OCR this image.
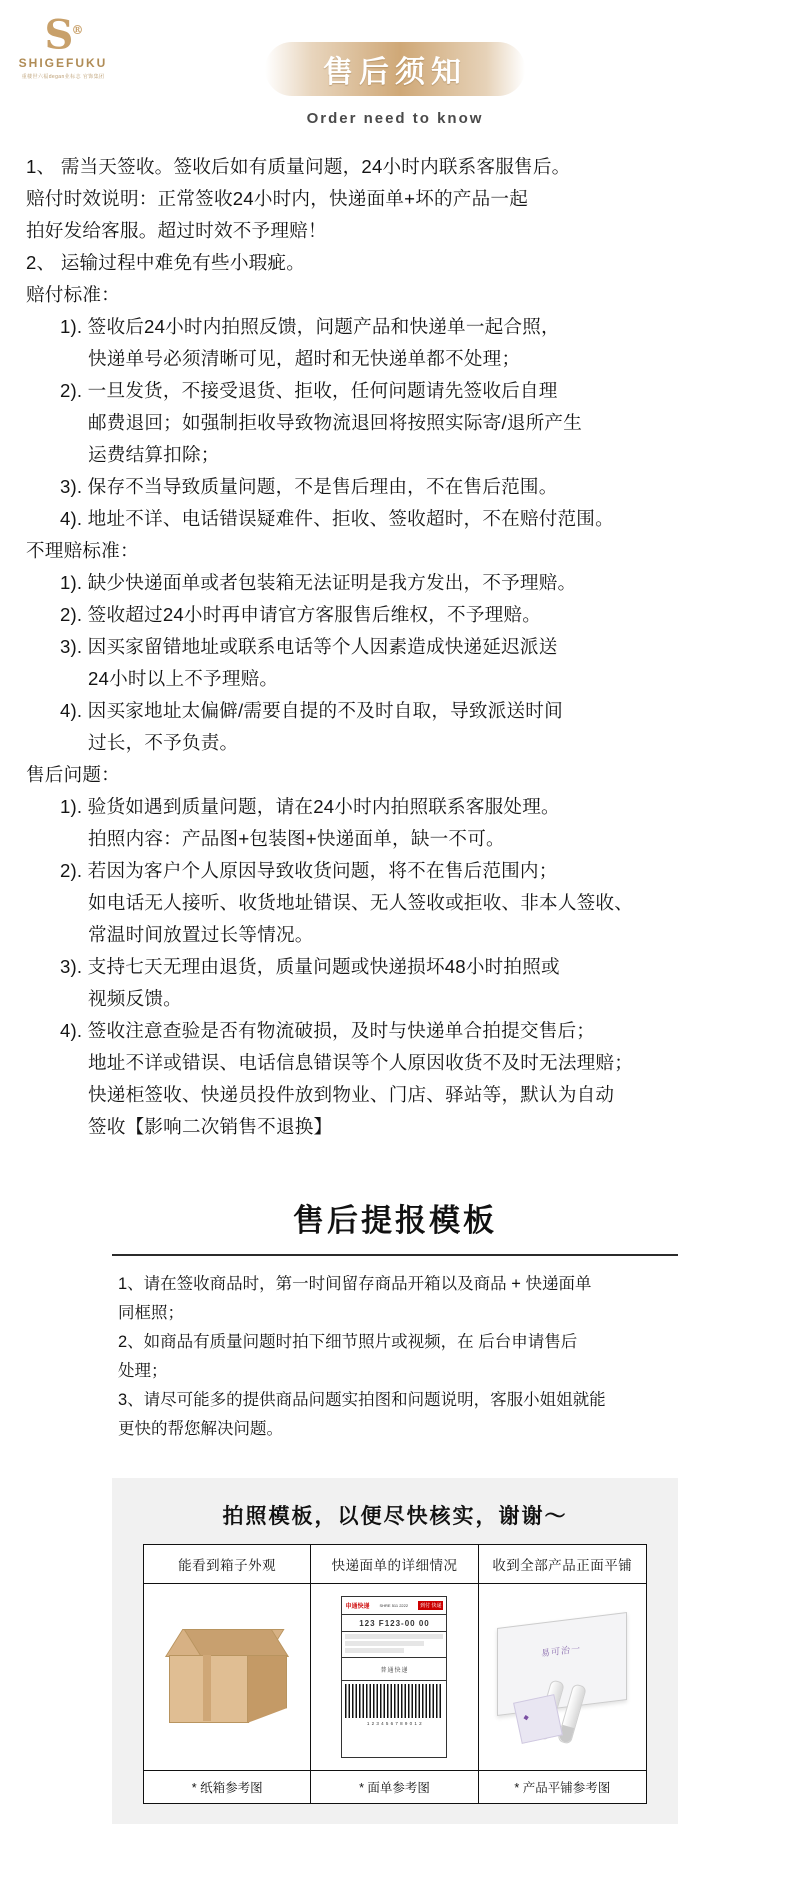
S®
SHIGEFUKU
重楼世六福degan业标志 官饰集团	售后须知
Order need to know

1、 需当天签收。签收后如有质量问题，24小时内联系客服售后。

赔付时效说明：正常签收24小时内，快递面单+坏的产品一起

拍好发给客服。超过时效不予理赔！

2、 运输过程中难免有些小瑕疵。

赔付标准：

1). 签收后24小时内拍照反馈，问题产品和快递单一起合照，

快递单号必须清晰可见，超时和无快递单都不处理；

2). 一旦发货，不接受退货、拒收，任何问题请先签收后自理

邮费退回；如强制拒收导致物流退回将按照实际寄/退所产生

运费结算扣除；

3). 保存不当导致质量问题，不是售后理由，不在售后范围。

4). 地址不详、电话错误疑难件、拒收、签收超时，不在赔付范围。

不理赔标准：

1). 缺少快递面单或者包装箱无法证明是我方发出，不予理赔。

2). 签收超过24小时再申请官方客服售后维权，不予理赔。

3). 因买家留错地址或联系电话等个人因素造成快递延迟派送

24小时以上不予理赔。

4). 因买家地址太偏僻/需要自提的不及时自取，导致派送时间

过长，不予负责。

售后问题：

1). 验货如遇到质量问题，请在24小时内拍照联系客服处理。

拍照内容：产品图+包装图+快递面单，缺一不可。

2). 若因为客户个人原因导致收货问题，将不在售后范围内；

如电话无人接听、收货地址错误、无人签收或拒收、非本人签收、

常温时间放置过长等情况。

3). 支持七天无理由退货，质量问题或快递损坏48小时拍照或

视频反馈。

4). 签收注意查验是否有物流破损，及时与快递单合拍提交售后；

地址不详或错误、电话信息错误等个人原因收货不及时无法理赔；

快递柜签收、快递员投件放到物业、门店、驿站等，默认为自动

签收【影响二次销售不退换】

售后提报模板

1、请在签收商品时，第一时间留存商品开箱以及商品 + 快递面单

同框照；

2、如商品有质量问题时拍下细节照片或视频，在 后台申请售后

处理；

3、请尽可能多的提供商品问题实拍图和问题说明，客服小姐姐就能

更快的帮您解决问题。

拍照模板，以便尽快核实，谢谢～
能看到箱子外观
* 纸箱参考图
快递面单的详细情况
申通快递 SHRE 511 2222	到付 快递
123 F123-00 00
普通快递
1 2 3 4 5 6 7 8 9 0 1 2
* 面单参考图
收到全部产品正面平铺
易可治一
◆
* 产品平铺参考图
